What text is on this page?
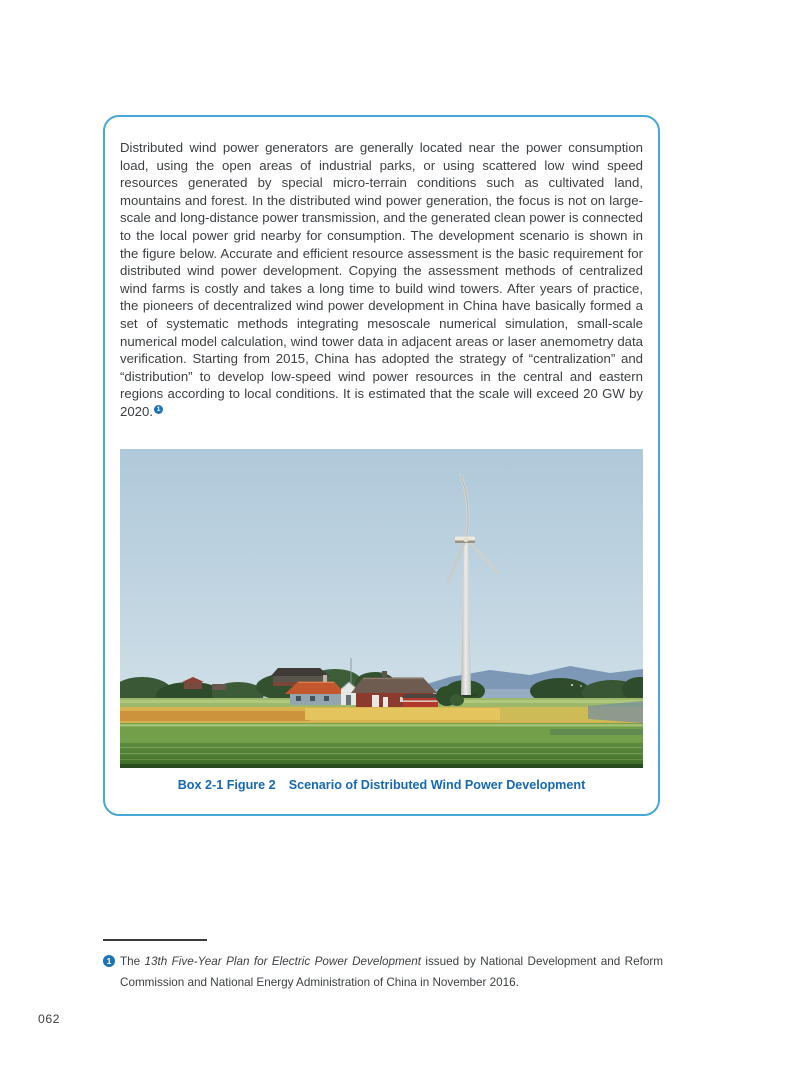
Distributed wind power generators are generally located near the power consumption load, using the open areas of industrial parks, or using scattered low wind speed resources generated by special micro-terrain conditions such as cultivated land, mountains and forest. In the distributed wind power generation, the focus is not on large-scale and long-distance power transmission, and the generated clean power is connected to the local power grid nearby for consumption. The development scenario is shown in the figure below. Accurate and efficient resource assessment is the basic requirement for distributed wind power development. Copying the assessment methods of centralized wind farms is costly and takes a long time to build wind towers. After years of practice, the pioneers of decentralized wind power development in China have basically formed a set of systematic methods integrating mesoscale numerical simulation, small-scale numerical model calculation, wind tower data in adjacent areas or laser anemometry data verification. Starting from 2015, China has adopted the strategy of “centralization” and “distribution” to develop low-speed wind power resources in the central and eastern regions according to local conditions. It is estimated that the scale will exceed 20 GW by 2020. $^1$

Box 2-1 Figure 2 Scenario of Distributed Wind Power Development
1 The 13th Five-Year Plan for Electric Power Development issued by National Development and Reform Commission and National Energy Administration of China in November 2016.
062
